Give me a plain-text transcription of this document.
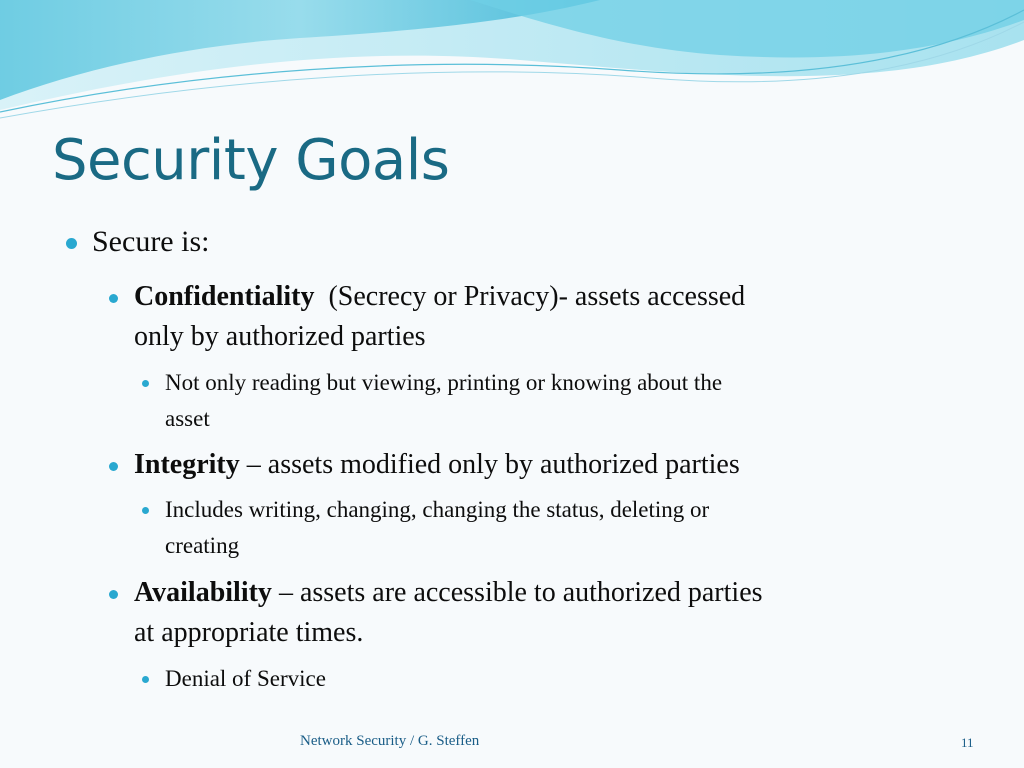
Security Goals
Secure is:
Confidentiality (Secrecy or Privacy)- assets accessed
only by authorized parties
Not only reading but viewing, printing or knowing about the
asset
Integrity – assets modified only by authorized parties
Includes writing, changing, changing the status, deleting or
creating
Availability – assets are accessible to authorized parties
at appropriate times.
Denial of Service
Network Security / G. Steffen	11
